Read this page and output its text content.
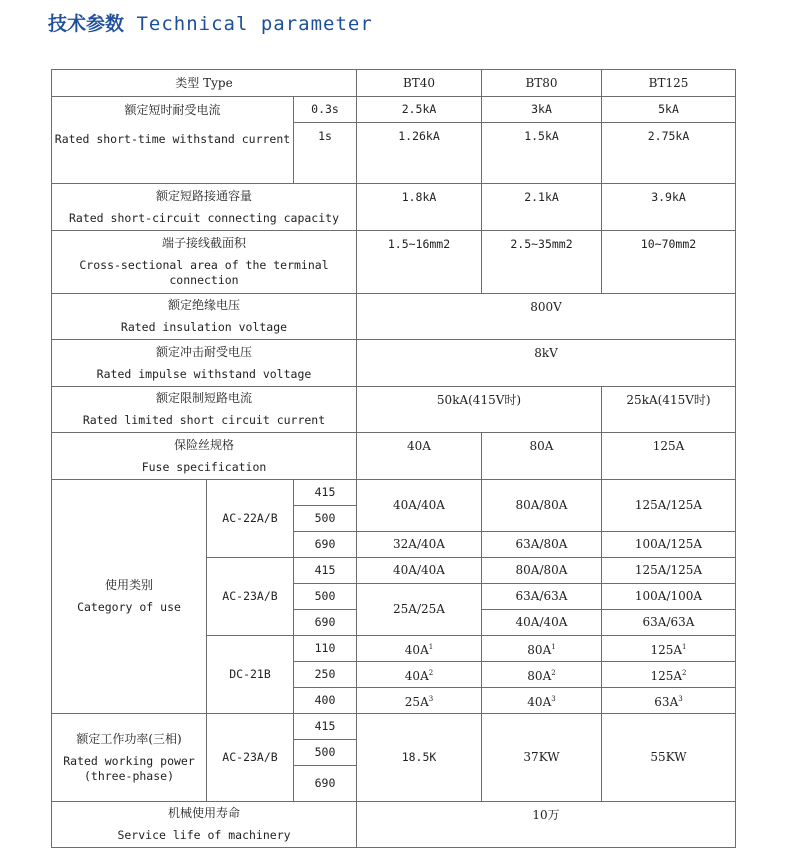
技术参数 Technical parameter
类型 Type			BT40	BT80	BT125
额定短时耐受电流
Rated short-time withstand current		0.3s	2.5kA	3kA	5kA
		1s	1.26kA	1.5kA	2.75kA
额定短路接通容量
Rated short-circuit connecting capacity			1.8kA	2.1kA	3.9kA
端子接线截面积
Cross-sectional area of the terminal connection			1.5~16mm2	2.5~35mm2	10~70mm2
额定绝缘电压
Rated insulation voltage			800V		
额定冲击耐受电压
Rated impulse withstand voltage			8kV		
额定限制短路电流
Rated limited short circuit current			50kA(415V时)		25kA(415V时)
保险丝规格
Fuse specification			40A	80A	125A
使用类别
Category of use	AC-22A/B	415	40A/40A	80A/80A	125A/125A
		500			
		690	32A/40A	63A/80A	100A/125A
	AC-23A/B	415	40A/40A	80A/80A	125A/125A
		500	25A/25A	63A/63A	100A/100A
		690		40A/40A	63A/63A
	DC-21B	110	$40A^1$	$80A^1$	$125A^1$
		250	$40A^2$	$80A^2$	$125A^2$
		400	$25A^3$	$40A^3$	$63A^3$
额定工作功率(三相)
Rated working power (three-phase)	AC-23A/B	415	18.5K	37KW	55KW
		500			
		690			
机械使用寿命
Service life of machinery			10万		
